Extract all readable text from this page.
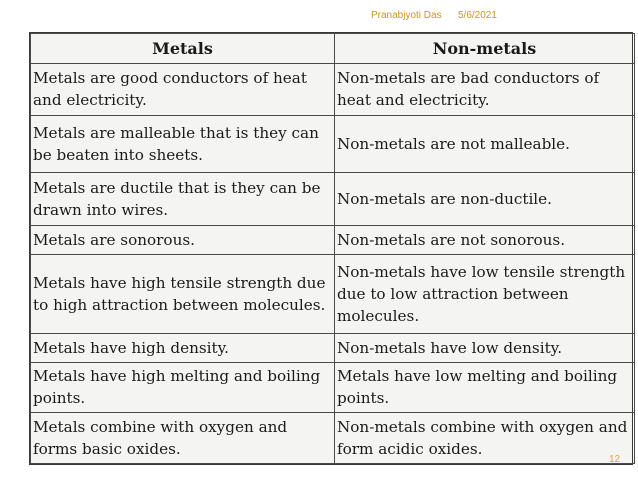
Pranabjyoti Das 5/6/2021
Metals	Non-metals
Metals are good conductors of heat and electricity.	Non-metals are bad conductors of heat and electricity.
Metals are malleable that is they can be beaten into sheets.	Non-metals are not malleable.
Metals are ductile that is they can be drawn into wires.	Non-metals are non-ductile.
Metals are sonorous.	Non-metals are not sonorous.
Metals have high tensile strength due to high attraction between molecules.	Non-metals have low tensile strength due to low attraction between molecules.
Metals have high density.	Non-metals have low density.
Metals have high melting and boiling points.	Metals have low melting and boiling points.
Metals combine with oxygen and forms basic oxides.	Non-metals combine with oxygen and form acidic oxides.
12
